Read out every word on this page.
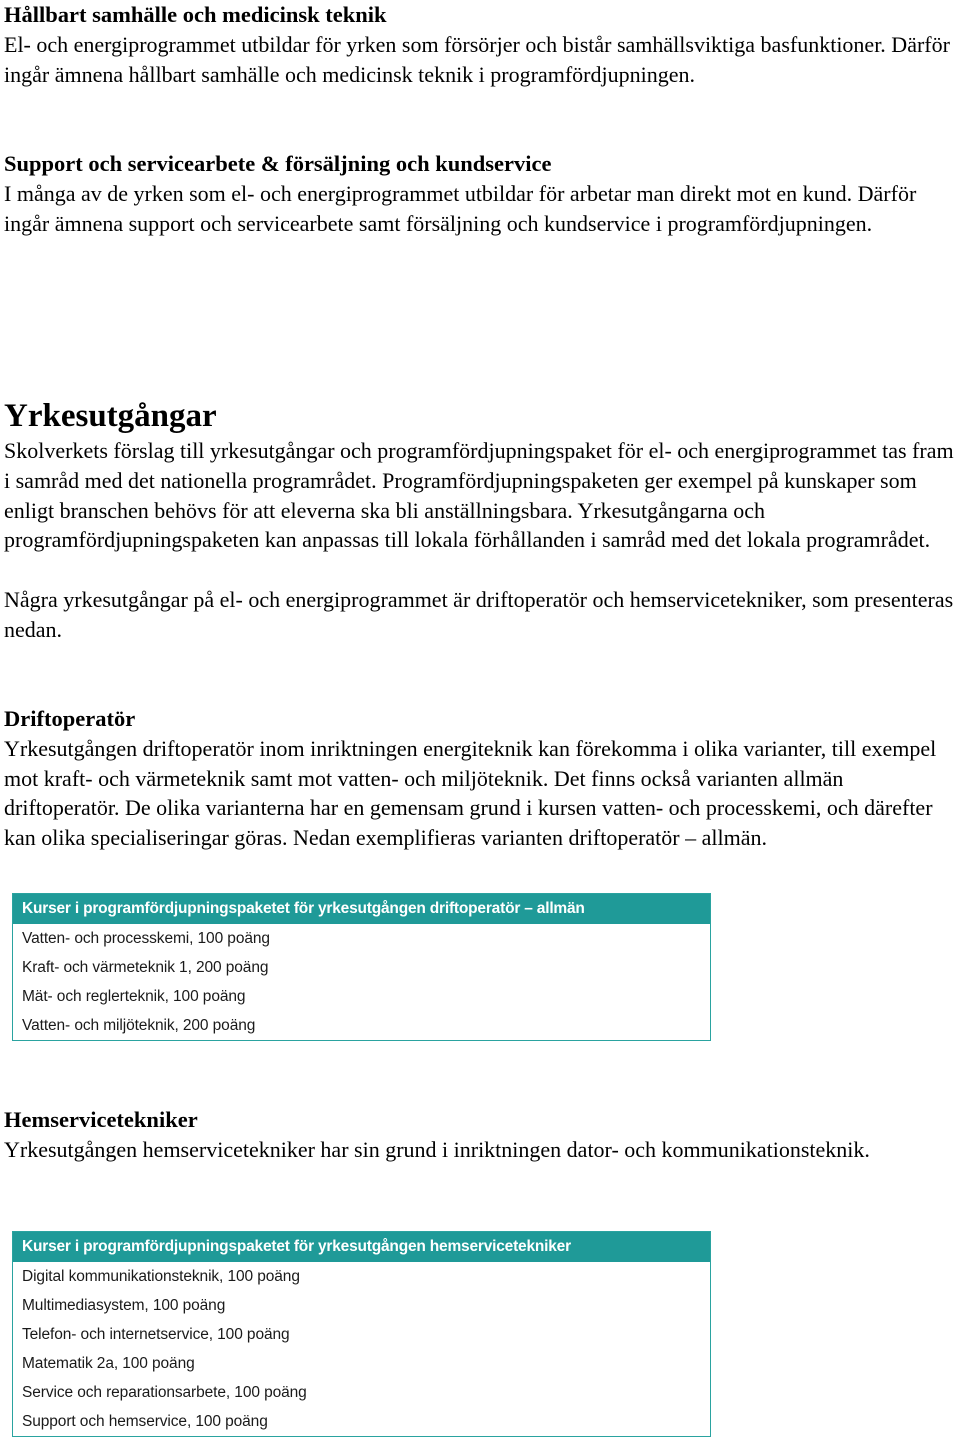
Hållbart samhälle och medicinsk teknik

El- och energiprogrammet utbildar för yrken som försörjer och bistår samhällsviktiga basfunktioner. Därför ingår ämnena hållbart samhälle och medicinsk teknik i programfördjupningen.

Support och servicearbete & försäljning och kundservice

I många av de yrken som el- och energiprogrammet utbildar för arbetar man direkt mot en kund. Därför ingår ämnena support och servicearbete samt försäljning och kundservice i programfördjupningen.

Yrkesutgångar

Skolverkets förslag till yrkesutgångar och programfördjupningspaket för el- och energiprogrammet tas fram i samråd med det nationella programrådet. Programfördjupningspaketen ger exempel på kunskaper som enligt branschen behövs för att eleverna ska bli anställningsbara. Yrkesutgångarna och programfördjupningspaketen kan anpassas till lokala förhållanden i samråd med det lokala programrådet.

Några yrkesutgångar på el- och energiprogrammet är driftoperatör och hemservicetekniker, som presenteras nedan.

Driftoperatör

Yrkesutgången driftoperatör inom inriktningen energiteknik kan förekomma i olika varianter, till exempel mot kraft- och värmeteknik samt mot vatten- och miljöteknik. Det finns också varianten allmän driftoperatör. De olika varianterna har en gemensam grund i kursen vatten- och processkemi, och därefter kan olika specialiseringar göras. Nedan exemplifieras varianten driftoperatör – allmän.

Hemservicetekniker

Yrkesutgången hemservicetekniker har sin grund i inriktningen dator- och kommunikationsteknik.

Kurser i programfördjupningspaketet för yrkesutgången driftoperatör – allmän
Vatten- och processkemi, 100 poäng
Kraft- och värmeteknik 1, 200 poäng
Mät- och reglerteknik, 100 poäng
Vatten- och miljöteknik, 200 poäng
Kurser i programfördjupningspaketet för yrkesutgången hemservicetekniker
Digital kommunikationsteknik, 100 poäng
Multimediasystem, 100 poäng
Telefon- och internetservice, 100 poäng
Matematik 2a, 100 poäng
Service och reparationsarbete, 100 poäng
Support och hemservice, 100 poäng
